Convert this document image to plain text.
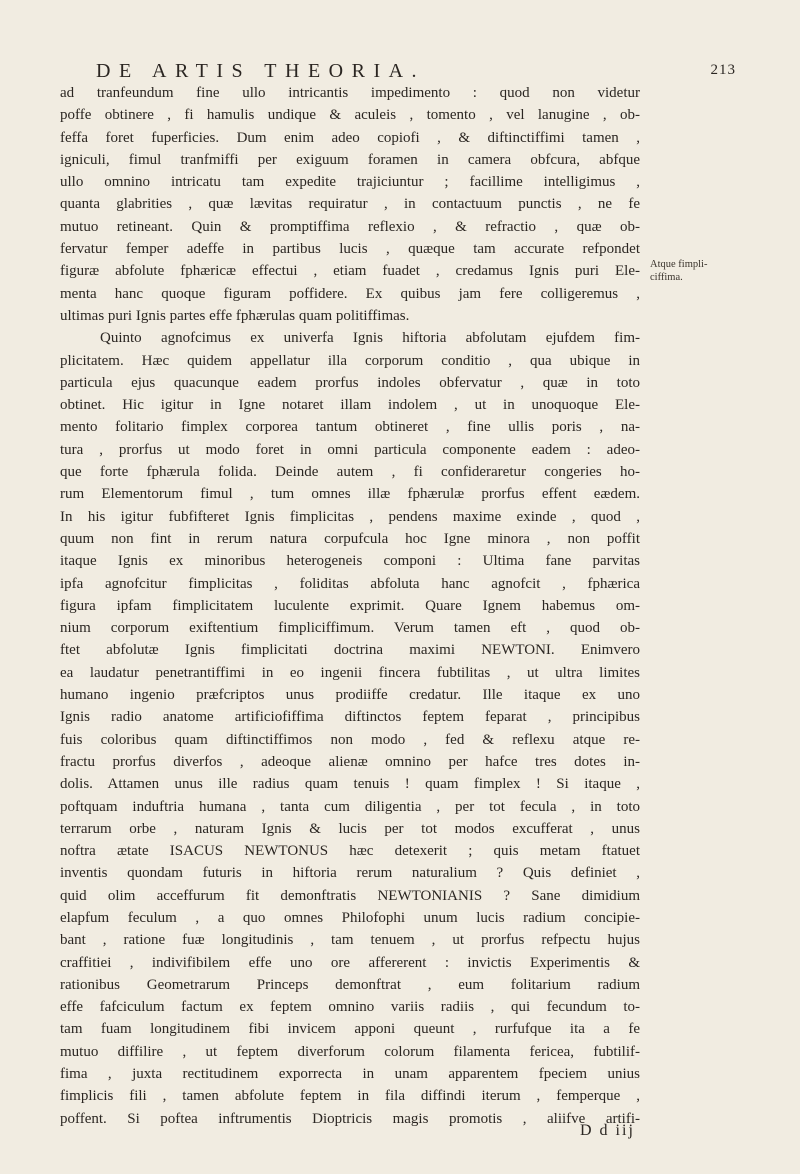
DE ARTIS THEORIA.	213
ad tranfeundum fine ullo intricantis impedimento : quod non videtur
poffe obtinere , fi hamulis undique & aculeis , tomento , vel lanugine , ob-
feffa foret fuperficies. Dum enim adeo copiofi , & diftinctiffimi tamen ,
igniculi, fimul tranfmiffi per exiguum foramen in camera obfcura, abfque
ullo omnino intricatu tam expedite trajiciuntur ; facillime intelligimus ,
quanta glabrities , quæ lævitas requiratur , in contactuum punctis , ne fe
mutuo retineant. Quin & promptiffima reflexio , & refractio , quæ ob-
fervatur femper adeffe in partibus lucis , quæque tam accurate refpondet
figuræ abfolute fphæricæ effectui , etiam fuadet , credamus Ignis puri Ele-
menta hanc quoque figuram poffidere. Ex quibus jam fere colligeremus ,
ultimas puri Ignis partes effe fphærulas quam politiffimas.
Quinto agnofcimus ex univerfa Ignis hiftoria abfolutam ejufdem fim-
plicitatem. Hæc quidem appellatur illa corporum conditio , qua ubique in
particula ejus quacunque eadem prorfus indoles obfervatur , quæ in toto
obtinet. Hic igitur in Igne notaret illam indolem , ut in unoquoque Ele-
mento folitario fimplex corporea tantum obtineret , fine ullis poris , na-
tura , prorfus ut modo foret in omni particula componente eadem : adeo-
que forte fphærula folida. Deinde autem , fi confideraretur congeries ho-
rum Elementorum fimul , tum omnes illæ fphærulæ prorfus effent eædem.
In his igitur fubfifteret Ignis fimplicitas , pendens maxime exinde , quod ,
quum non fint in rerum natura corpufcula hoc Igne minora , non poffit
itaque Ignis ex minoribus heterogeneis componi : Ultima fane parvitas
ipfa agnofcitur fimplicitas , foliditas abfoluta hanc agnofcit , fphærica
figura ipfam fimplicitatem luculente exprimit. Quare Ignem habemus om-
nium corporum exiftentium fimpliciffimum. Verum tamen eft , quod ob-
ftet abfolutæ Ignis fimplicitati doctrina maximi NEWTONI. Enimvero
ea laudatur penetrantiffimi in eo ingenii fincera fubtilitas , ut ultra limites
humano ingenio præfcriptos unus prodiiffe credatur. Ille itaque ex uno
Ignis radio anatome artificiofiffima diftinctos feptem feparat , principibus
fuis coloribus quam diftinctiffimos non modo , fed & reflexu atque re-
fractu prorfus diverfos , adeoque alienæ omnino per hafce tres dotes in-
dolis. Attamen unus ille radius quam tenuis ! quam fimplex ! Si itaque ,
poftquam induftria humana , tanta cum diligentia , per tot fecula , in toto
terrarum orbe , naturam Ignis & lucis per tot modos excufferat , unus
noftra ætate ISACUS NEWTONUS hæc detexerit ; quis metam ftatuet
inventis quondam futuris in hiftoria rerum naturalium ? Quis definiet ,
quid olim acceffurum fit demonftratis NEWTONIANIS ? Sane dimidium
elapfum feculum , a quo omnes Philofophi unum lucis radium concipie-
bant , ratione fuæ longitudinis , tam tenuem , ut prorfus refpectu hujus
craffitiei , indivifibilem effe uno ore affererent : invictis Experimentis &
rationibus Geometrarum Princeps demonftrat , eum folitarium radium
effe fafciculum factum ex feptem omnino variis radiis , qui fecundum to-
tam fuam longitudinem fibi invicem apponi queunt , rurfufque ita a fe
mutuo diffilire , ut feptem diverforum colorum filamenta fericea, fubtilif-
fima , juxta rectitudinem exporrecta in unam apparentem fpeciem unius
fimplicis fili , tamen abfolute feptem in fila diffindi iterum , femperque ,
poffent. Si poftea inftrumentis Dioptricis magis promotis , aliifve artifi-
Atque fimpli-
ciffima.
D d iij
